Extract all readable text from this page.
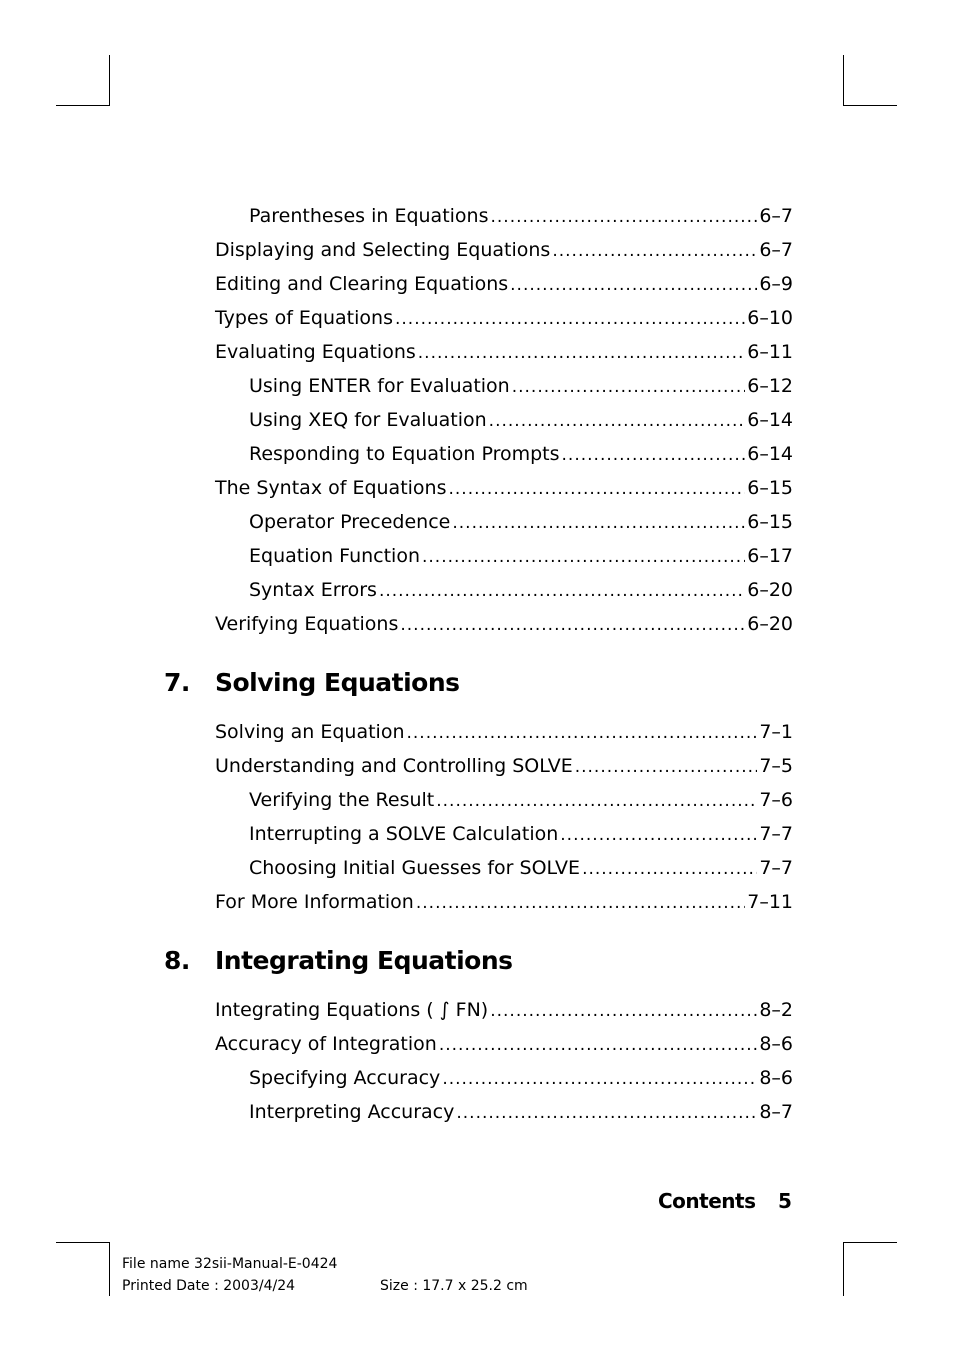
Parentheses in Equations .....	6–7
Displaying and Selecting Equations .....	6–7
Editing and Clearing Equations .....	6–9
Types of Equations .....	6–10
Evaluating Equations .....	6–11
Using ENTER for Evaluation .....	6–12
Using XEQ for Evaluation .....	6–14
Responding to Equation Prompts .....	6–14
The Syntax of Equations .....	6–15
Operator Precedence .....	6–15
Equation Function .....	6–17
Syntax Errors .....	6–20
Verifying Equations .....	6–20
7.	Solving Equations
Solving an Equation .....	7–1
Understanding and Controlling SOLVE .....	7–5
Verifying the Result .....	7–6
Interrupting a SOLVE Calculation .....	7–7
Choosing Initial Guesses for SOLVE .....	7–7
For More Information .....	7–11
8.	Integrating Equations
Integrating Equations ( ∫ FN) .....	8–2
Accuracy of Integration .....	8–6
Specifying Accuracy .....	8–6
Interpreting Accuracy .....	8–7
Contents 5
File name 32sii-Manual-E-0424
Printed Date : 2003/4/24	Size : 17.7 x 25.2 cm
